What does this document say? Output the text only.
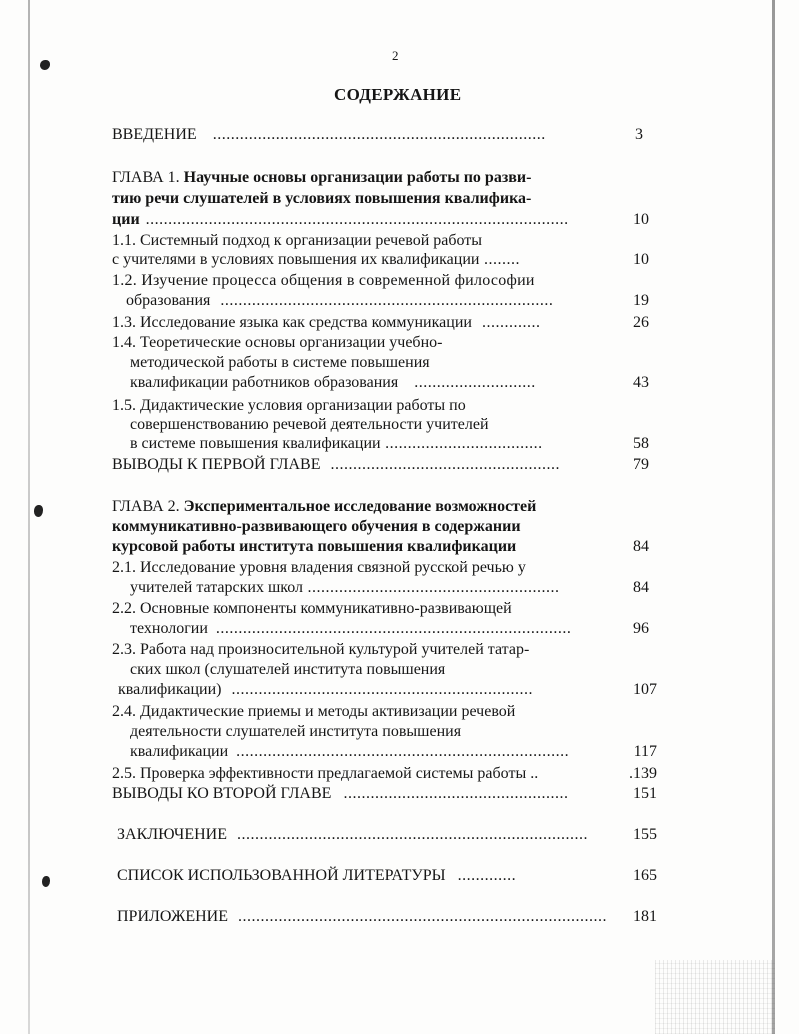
2
СОДЕРЖАНИЕ
ВВЕДЕНИЕ ..........................................................................	3
ГЛАВА 1. Научные основы организации работы по разви-
тию речи слушателей в условиях повышения квалифика-
ции ..............................................................................................	10
1.1. Системный подход к организации речевой работы
с учителями в условиях повышения их квалификации ........	10
1.2. Изучение процесса общения в современной философии
образования ..........................................................................	19
1.3. Исследование языка как средства коммуникации .............	26
1.4. Теоретические основы организации учебно-
методической работы в системе повышения
квалификации работников образования ...........................	43
1.5. Дидактические условия организации работы по
совершенствованию речевой деятельности учителей
в системе повышения квалификации ...................................	58
ВЫВОДЫ К ПЕРВОЙ ГЛАВЕ ...................................................	79
ГЛАВА 2. Экспериментальное исследование возможностей
коммуникативно-развивающего обучения в содержании
курсовой работы института повышения квалификации	84
2.1. Исследование уровня владения связной русской речью у
учителей татарских школ ........................................................	84
2.2. Основные компоненты коммуникативно-развивающей
технологии ...............................................................................	96
2.3. Работа над произносительной культурой учителей татар-
ских школ (слушателей института повышения
квалификации) ...................................................................	107
2.4. Дидактические приемы и методы активизации речевой
деятельности слушателей института повышения
квалификации ..........................................................................	117
2.5. Проверка эффективности предлагаемой системы работы ..	.139
ВЫВОДЫ КО ВТОРОЙ ГЛАВЕ ..................................................	151
ЗАКЛЮЧЕНИЕ ..............................................................................	155
СПИСОК ИСПОЛЬЗОВАННОЙ ЛИТЕРАТУРЫ .............	165
ПРИЛОЖЕНИЕ ..................................................................................	181
